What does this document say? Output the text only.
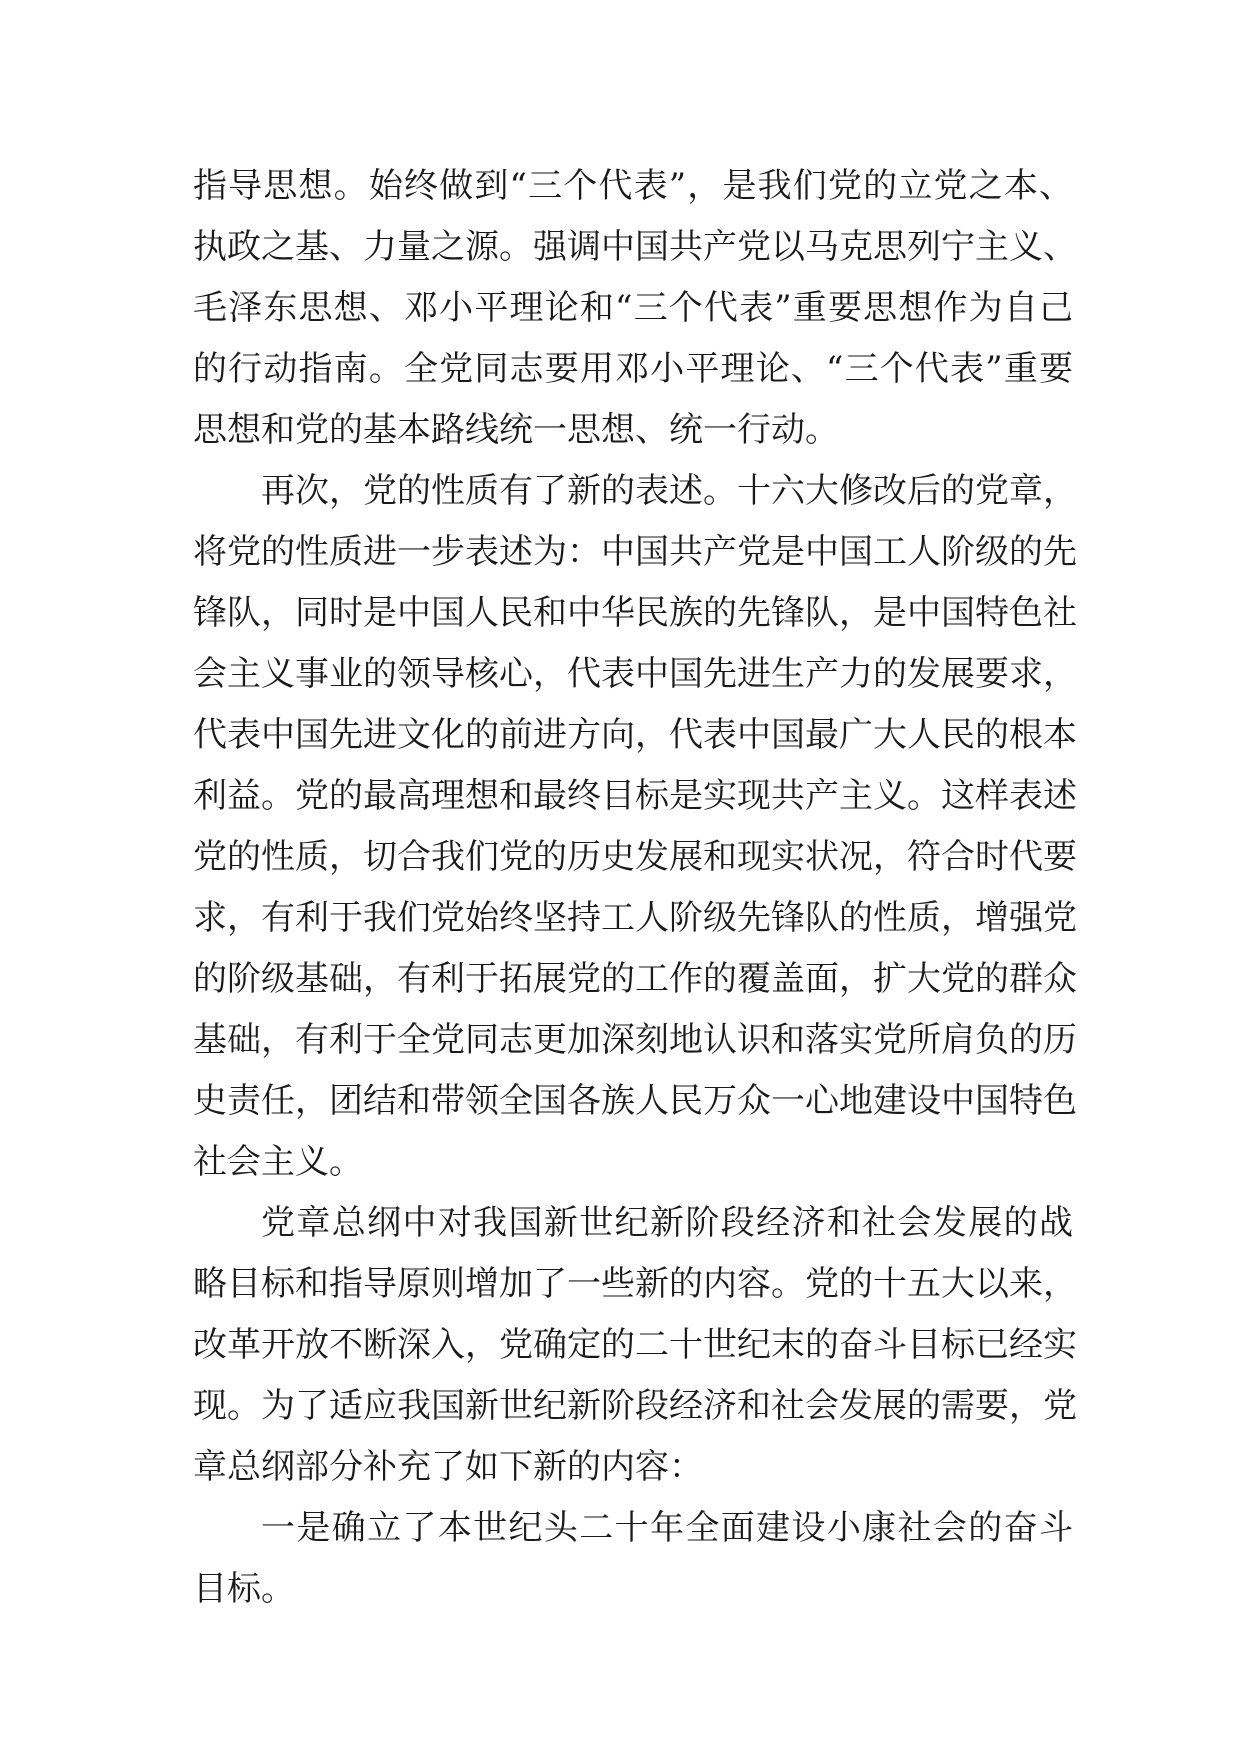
指导思想。始终做到“三个代表”，是我们党的立党之本、
执政之基、力量之源。强调中国共产党以马克思列宁主义、
毛泽东思想、邓小平理论和“三个代表”重要思想作为自己
的行动指南。全党同志要用邓小平理论、“三个代表”重要
思想和党的基本路线统一思想、统一行动。
再次，党的性质有了新的表述。十六大修改后的党章，
将党的性质进一步表述为：中国共产党是中国工人阶级的先
锋队，同时是中国人民和中华民族的先锋队，是中国特色社
会主义事业的领导核心，代表中国先进生产力的发展要求，
代表中国先进文化的前进方向，代表中国最广大人民的根本
利益。党的最高理想和最终目标是实现共产主义。这样表述
党的性质，切合我们党的历史发展和现实状况，符合时代要
求，有利于我们党始终坚持工人阶级先锋队的性质，增强党
的阶级基础，有利于拓展党的工作的覆盖面，扩大党的群众
基础，有利于全党同志更加深刻地认识和落实党所肩负的历
史责任，团结和带领全国各族人民万众一心地建设中国特色
社会主义。
党章总纲中对我国新世纪新阶段经济和社会发展的战
略目标和指导原则增加了一些新的内容。党的十五大以来，
改革开放不断深入，党确定的二十世纪末的奋斗目标已经实
现。为了适应我国新世纪新阶段经济和社会发展的需要，党
章总纲部分补充了如下新的内容：
一是确立了本世纪头二十年全面建设小康社会的奋斗
目标。
